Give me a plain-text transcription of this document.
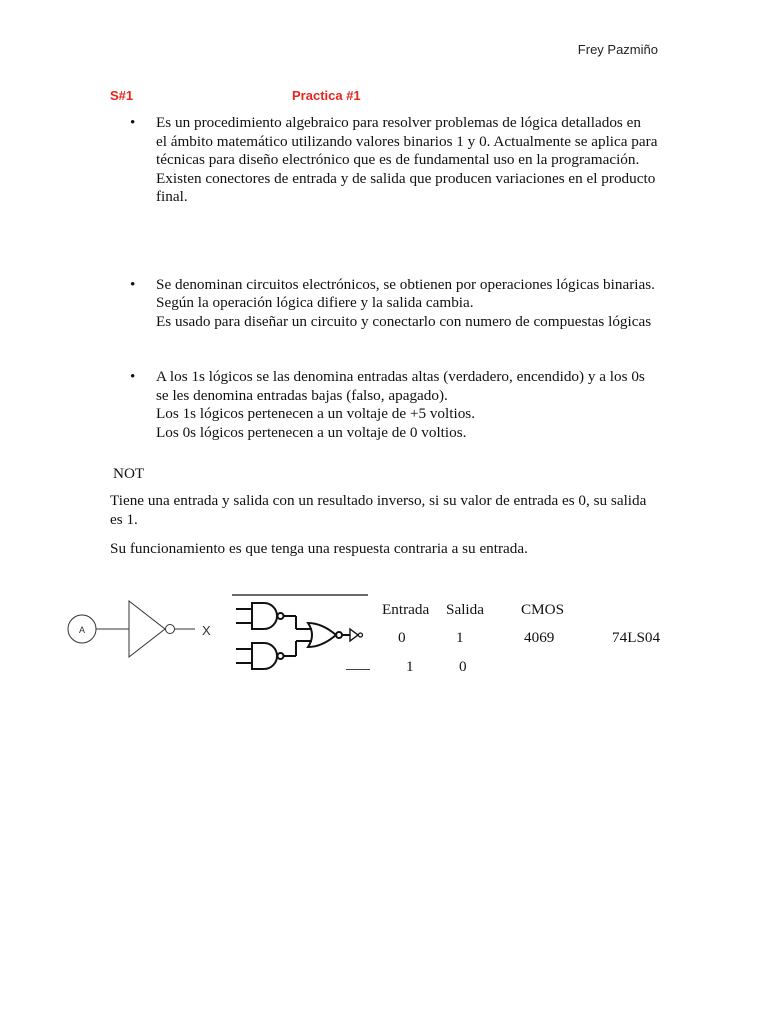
Frey Pazmiño
S#1	Practica #1
• Es un procedimiento algebraico para resolver problemas de lógica detallados en
el ámbito matemático utilizando valores binarios 1 y 0. Actualmente se aplica para
técnicas para diseño electrónico que es de fundamental uso en la programación.
Existen conectores de entrada y de salida que producen variaciones en el producto
final.
• Se denominan circuitos electrónicos, se obtienen por operaciones lógicas binarias.
Según la operación lógica difiere y la salida cambia.
Es usado para diseñar un circuito y conectarlo con numero de compuestas lógicas
• A los 1s lógicos se las denomina entradas altas (verdadero, encendido) y a los 0s
se les denomina entradas bajas (falso, apagado).
Los 1s lógicos pertenecen a un voltaje de +5 voltios.
Los 0s lógicos pertenecen a un voltaje de 0 voltios.
NOT
Tiene una entrada y salida con un resultado inverso, si su valor de entrada es 0, su salida es 1.
Su funcionamiento es que tenga una respuesta contraria a su entrada.
A	X
Entrada Salida CMOS
0	1	4069	74LS04
1	0
